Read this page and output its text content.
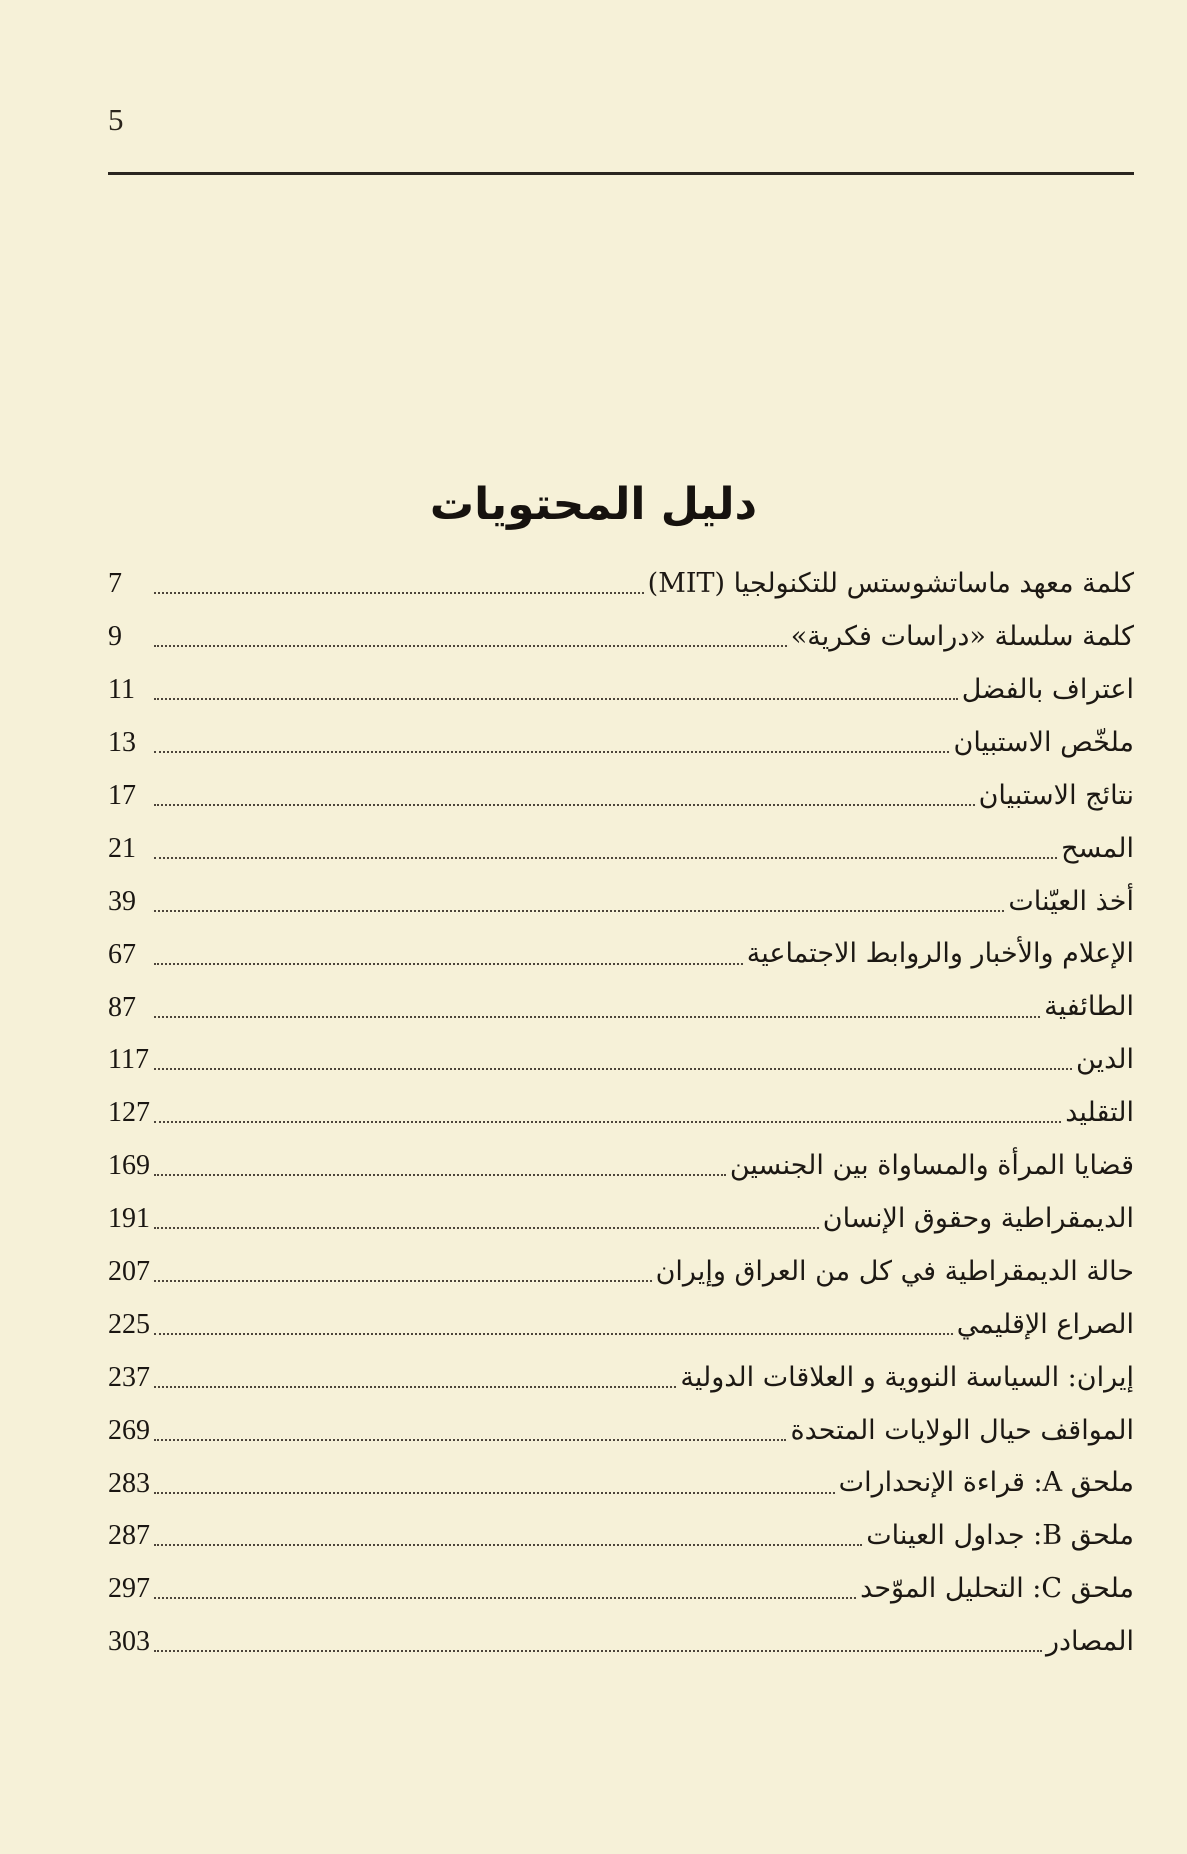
5
دليل المحتويات
كلمة معهد ماساتشوستس للتكنولجيا (MIT)
7
كلمة سلسلة «دراسات فكرية»
9
اعتراف بالفضل
11
ملخّص الاستبيان
13
نتائج الاستبيان
17
المسح
21
أخذ العيّنات
39
الإعلام والأخبار والروابط الاجتماعية
67
الطائفية
87
الدين
117
التقليد
127
قضايا المرأة والمساواة بين الجنسين
169
الديمقراطية وحقوق الإنسان
191
حالة الديمقراطية في كل من العراق وإيران
207
الصراع الإقليمي
225
إيران: السياسة النووية و العلاقات الدولية
237
المواقف حيال الولايات المتحدة
269
ملحق A: قراءة الإنحدارات
283
ملحق B: جداول العينات
287
ملحق C: التحليل الموّحد
297
المصادر
303
